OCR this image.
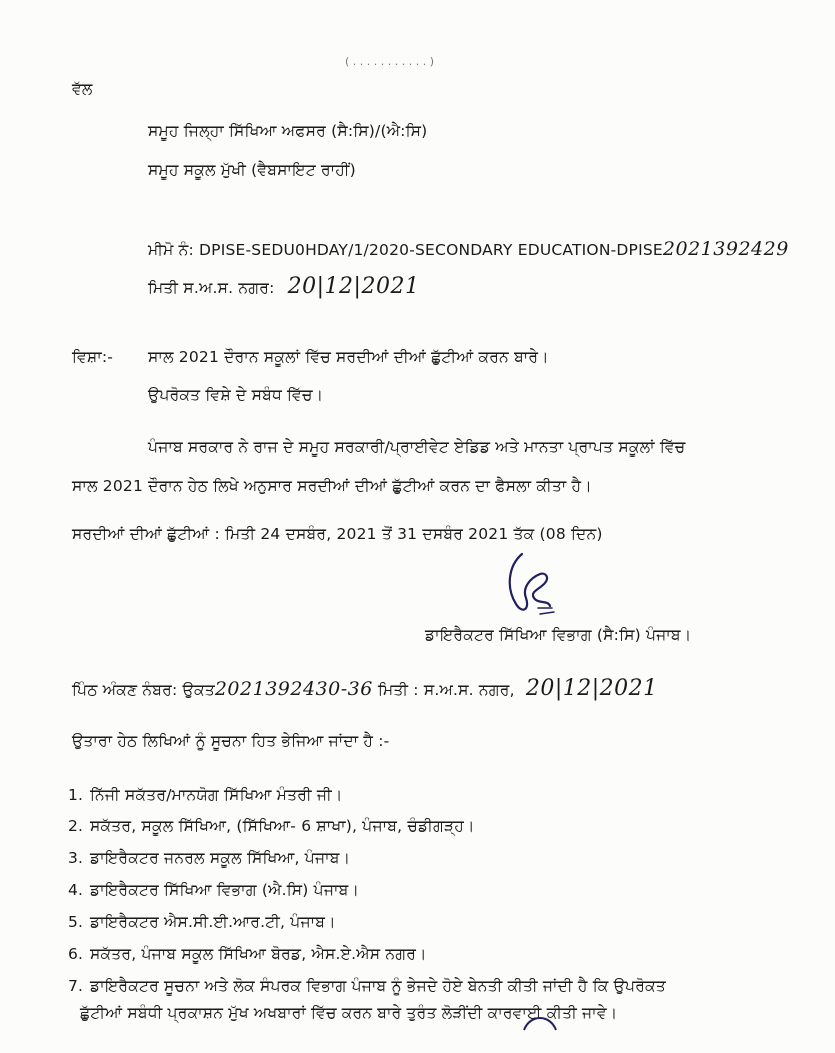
( . . . . . . . . . . . )
ਵੱਲ
ਸਮੂਹ ਜਿਲ੍ਹਾ ਸਿੱਖਿਆ ਅਫਸਰ (ਸੈ:ਸਿ)/(ਐ:ਸਿ)
ਸਮੂਹ ਸਕੂਲ ਮੁੱਖੀ (ਵੈਬਸਾਇਟ ਰਾਹੀਂ)
ਮੀਮੋ ਨੰ: DPISE-SEDU0HDAY/1/2020-SECONDARY EDUCATION-DPISE2021392429
ਮਿਤੀ ਸ.ਅ.ਸ. ਨਗਰ: 20|12|2021
ਵਿਸ਼ਾ:- ਸਾਲ 2021 ਦੌਰਾਨ ਸਕੂਲਾਂ ਵਿੱਚ ਸਰਦੀਆਂ ਦੀਆਂ ਛੁੱਟੀਆਂ ਕਰਨ ਬਾਰੇ।
ਉਪਰੋਕਤ ਵਿਸ਼ੇ ਦੇ ਸਬੰਧ ਵਿੱਚ।
ਪੰਜਾਬ ਸਰਕਾਰ ਨੇ ਰਾਜ ਦੇ ਸਮੂਹ ਸਰਕਾਰੀ/ਪ੍ਰਾਈਵੇਟ ਏਡਿਡ ਅਤੇ ਮਾਨਤਾ ਪ੍ਰਾਪਤ ਸਕੂਲਾਂ ਵਿੱਚ
ਸਾਲ 2021 ਦੌਰਾਨ ਹੇਠ ਲਿਖੇ ਅਨੁਸਾਰ ਸਰਦੀਆਂ ਦੀਆਂ ਛੁੱਟੀਆਂ ਕਰਨ ਦਾ ਫੈਸਲਾ ਕੀਤਾ ਹੈ।
ਸਰਦੀਆਂ ਦੀਆਂ ਛੁੱਟੀਆਂ : ਮਿਤੀ 24 ਦਸਬੰਰ, 2021 ਤੋਂ 31 ਦਸਬੰਰ 2021 ਤੱਕ (08 ਦਿਨ)
ਡਾਇਰੈਕਟਰ ਸਿੱਖਿਆ ਵਿਭਾਗ (ਸੈ:ਸਿ) ਪੰਜਾਬ।
ਪਿੰਠ ਅੰਕਣ ਨੰਬਰ: ਉਕਤ2021392430-36 ਮਿਤੀ : ਸ.ਅ.ਸ. ਨਗਰ, 20|12|2021
ਉਤਾਰਾ ਹੇਠ ਲਿਖਿਆਂ ਨੂੰ ਸੂਚਨਾ ਹਿਤ ਭੇਜਿਆ ਜਾਂਦਾ ਹੈ :-
1. ਨਿੱਜੀ ਸਕੱਤਰ/ਮਾਨਯੋਗ ਸਿੱਖਿਆ ਮੰਤਰੀ ਜੀ।
2. ਸਕੱਤਰ, ਸਕੂਲ ਸਿੱਖਿਆ, (ਸਿੱਖਿਆ- 6 ਸ਼ਾਖਾ), ਪੰਜਾਬ, ਚੰਡੀਗੜ੍ਹ।
3. ਡਾਇਰੈਕਟਰ ਜਨਰਲ ਸਕੂਲ ਸਿੱਖਿਆ, ਪੰਜਾਬ।
4. ਡਾਇਰੈਕਟਰ ਸਿੱਖਿਆ ਵਿਭਾਗ (ਐ.ਸਿ) ਪੰਜਾਬ।
5. ਡਾਇਰੈਕਟਰ ਐਸ.ਸੀ.ਈ.ਆਰ.ਟੀ, ਪੰਜਾਬ।
6. ਸਕੱਤਰ, ਪੰਜਾਬ ਸਕੂਲ ਸਿੱਖਿਆ ਬੋਰਡ, ਐਸ.ਏ.ਐਸ ਨਗਰ।
7. ਡਾਇਰੈਕਟਰ ਸੂਚਨਾ ਅਤੇ ਲੋਕ ਸੰਪਰਕ ਵਿਭਾਗ ਪੰਜਾਬ ਨੂੰ ਭੇਜਦੇ ਹੋਏ ਬੇਨਤੀ ਕੀਤੀ ਜਾਂਦੀ ਹੈ ਕਿ ਉਪਰੋਕਤ
ਛੁੱਟੀਆਂ ਸਬੰਧੀ ਪ੍ਰਕਾਸ਼ਨ ਮੁੱਖ ਅਖਬਾਰਾਂ ਵਿੱਚ ਕਰਨ ਬਾਰੇ ਤੁਰੰਤ ਲੋੜੀਂਦੀ ਕਾਰਵਾਈ ਕੀਤੀ ਜਾਵੇ।
